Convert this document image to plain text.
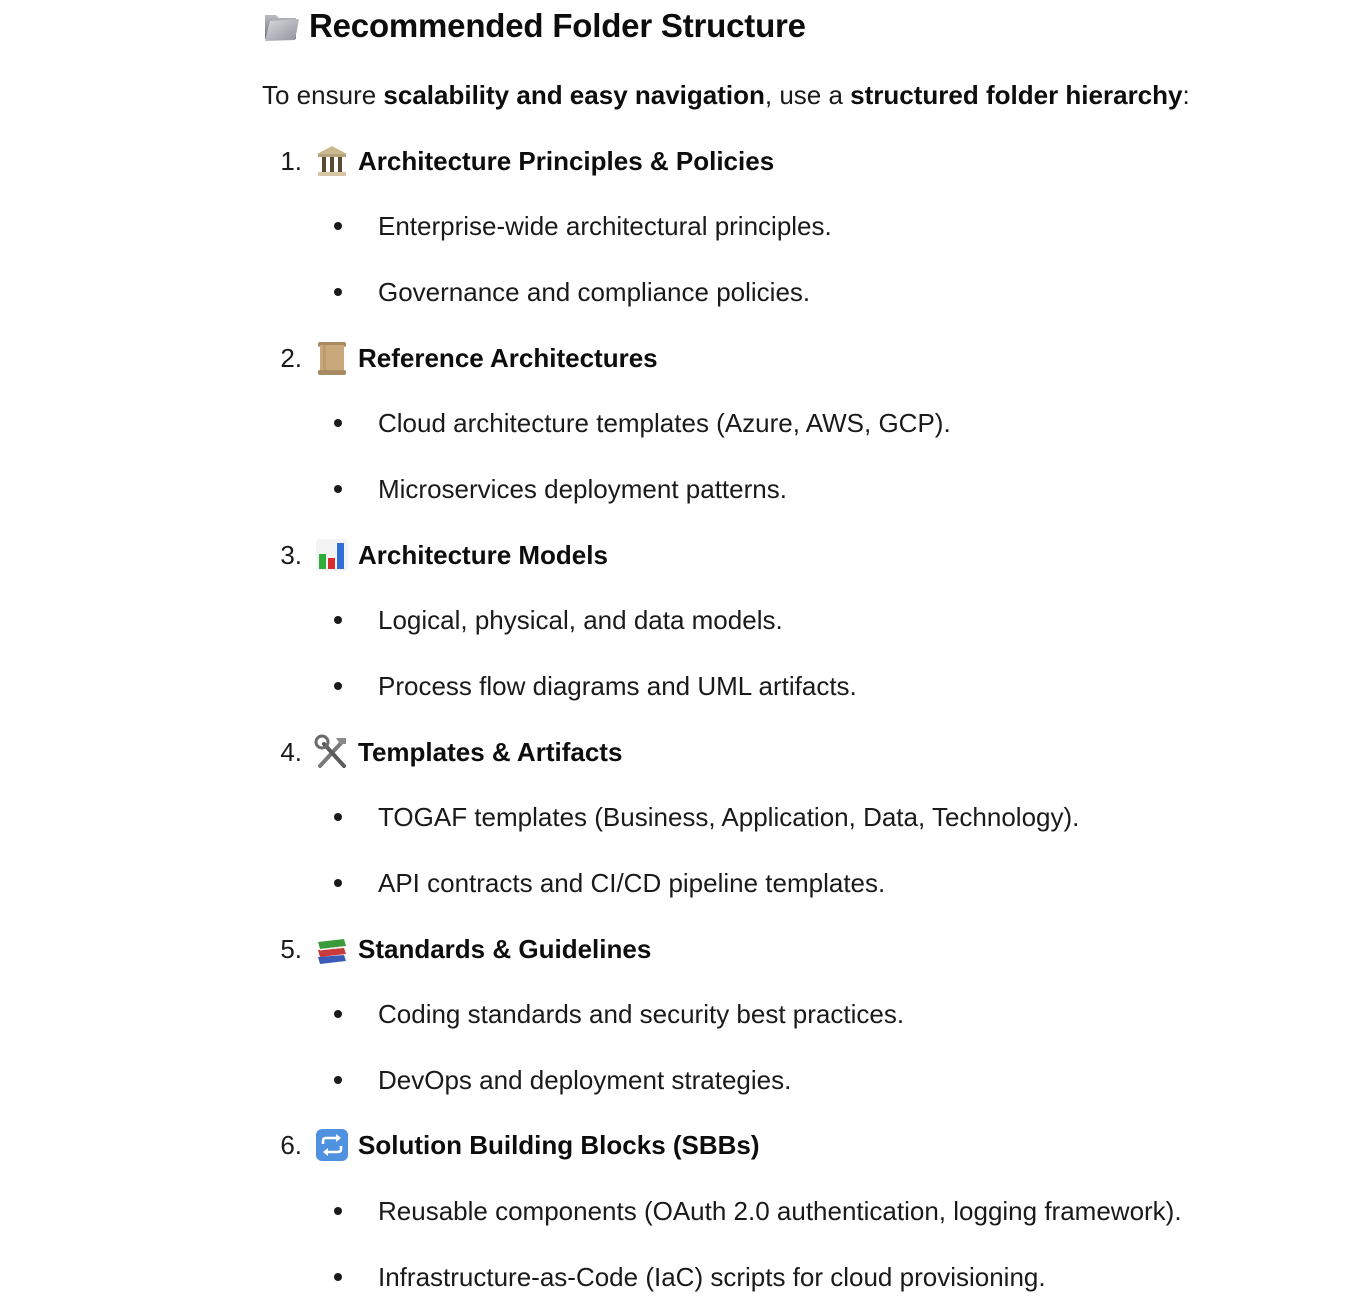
Recommended Folder Structure

To ensure scalability and easy navigation, use a structured folder hierarchy:

1. Architecture Principles & Policies
Enterprise-wide architectural principles.
Governance and compliance policies.
2. Reference Architectures
Cloud architecture templates (Azure, AWS, GCP).
Microservices deployment patterns.
3. Architecture Models
Logical, physical, and data models.
Process flow diagrams and UML artifacts.
4. Templates & Artifacts
TOGAF templates (Business, Application, Data, Technology).
API contracts and CI/CD pipeline templates.
5. Standards & Guidelines
Coding standards and security best practices.
DevOps and deployment strategies.
6. Solution Building Blocks (SBBs)
Reusable components (OAuth 2.0 authentication, logging framework).
Infrastructure-as-Code (IaC) scripts for cloud provisioning.
